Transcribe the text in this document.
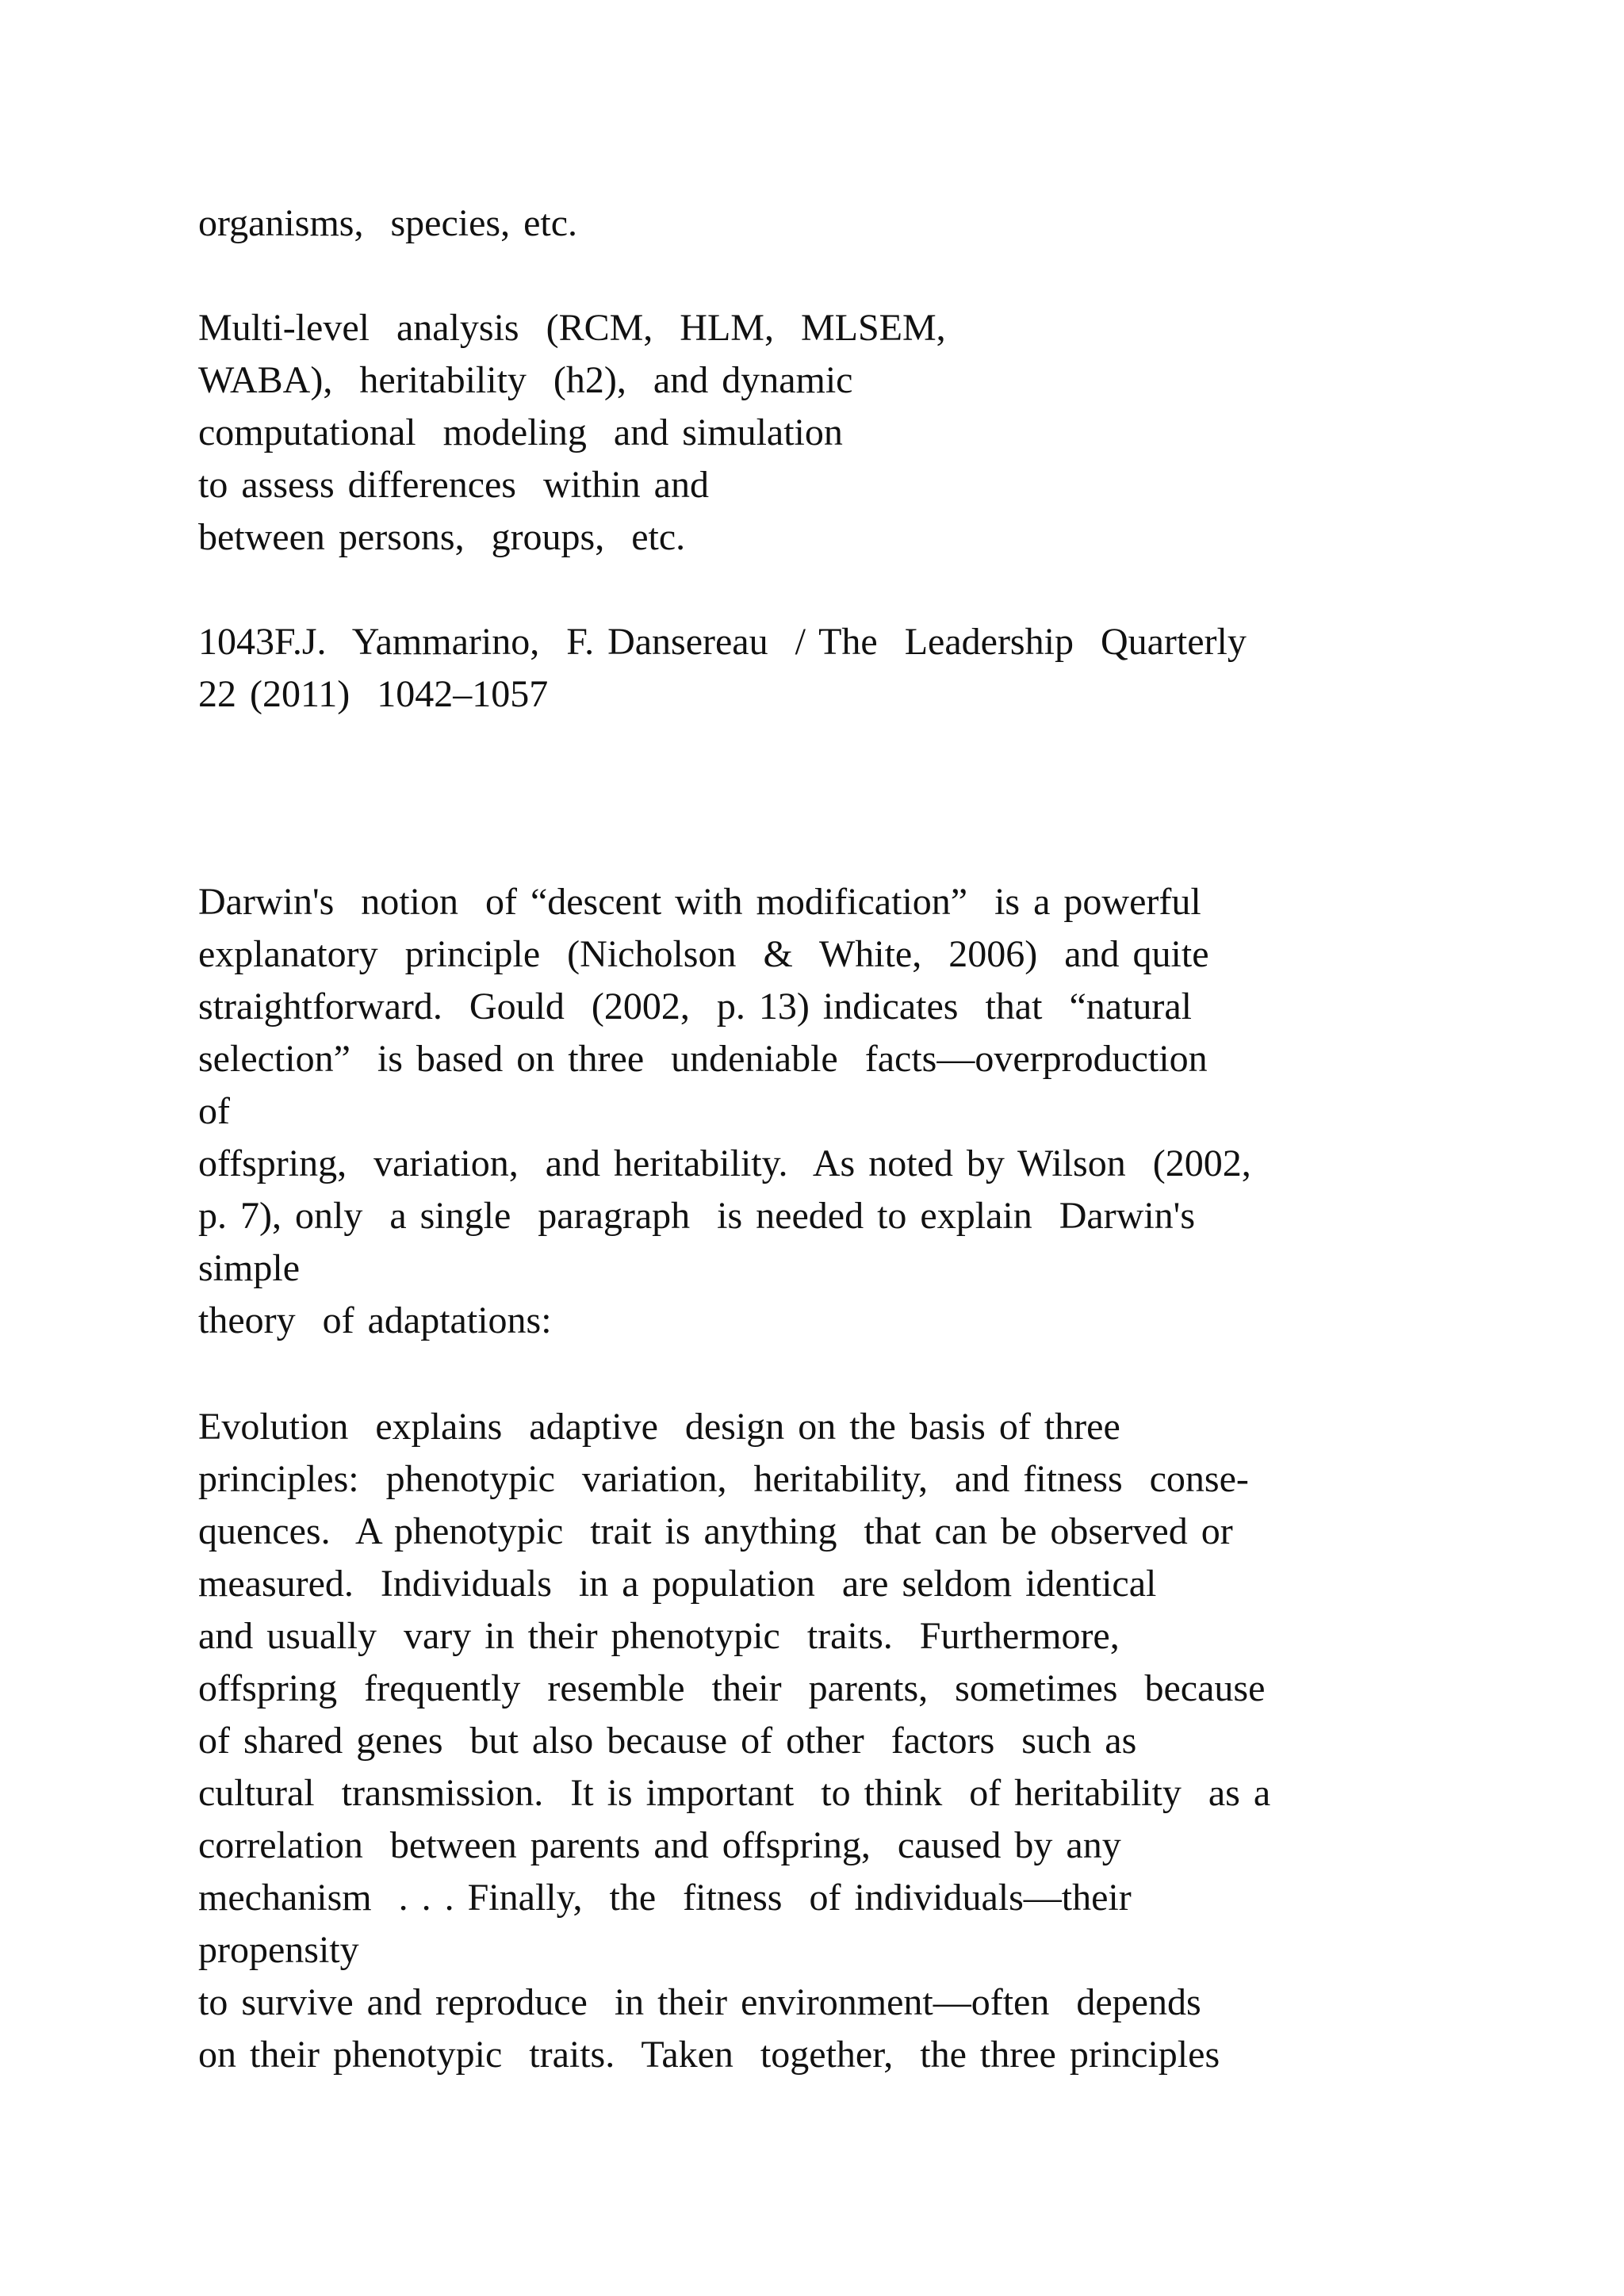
organisms,  species, etc.
Multi-level  analysis  (RCM,  HLM,  MLSEM,
WABA),  heritability  (h2),  and dynamic
computational  modeling  and simulation
to assess differences  within and
between persons,  groups,  etc.
1043F.J.  Yammarino,  F. Dansereau  / The  Leadership  Quarterly
22 (2011)  1042–1057
Darwin's  notion  of “descent with modification”  is a powerful
explanatory  principle  (Nicholson  &  White,  2006)  and quite
straightforward.  Gould  (2002,  p. 13) indicates  that  “natural
selection”  is based on three  undeniable  facts—overproduction
of
offspring,  variation,  and heritability.  As noted by Wilson  (2002,
p. 7), only  a single  paragraph  is needed to explain  Darwin's
simple
theory  of adaptations:
Evolution  explains  adaptive  design on the basis of three
principles:  phenotypic  variation,  heritability,  and fitness  conse-
quences.  A phenotypic  trait is anything  that can be observed or
measured.  Individuals  in a population  are seldom identical
and usually  vary in their phenotypic  traits.  Furthermore,
offspring  frequently  resemble  their  parents,  sometimes  because
of shared genes  but also because of other  factors  such as
cultural  transmission.  It is important  to think  of heritability  as a
correlation  between parents and offspring,  caused by any
mechanism  . . . Finally,  the  fitness  of individuals—their
propensity
to survive and reproduce  in their environment—often  depends
on their phenotypic  traits.  Taken  together,  the three principles
